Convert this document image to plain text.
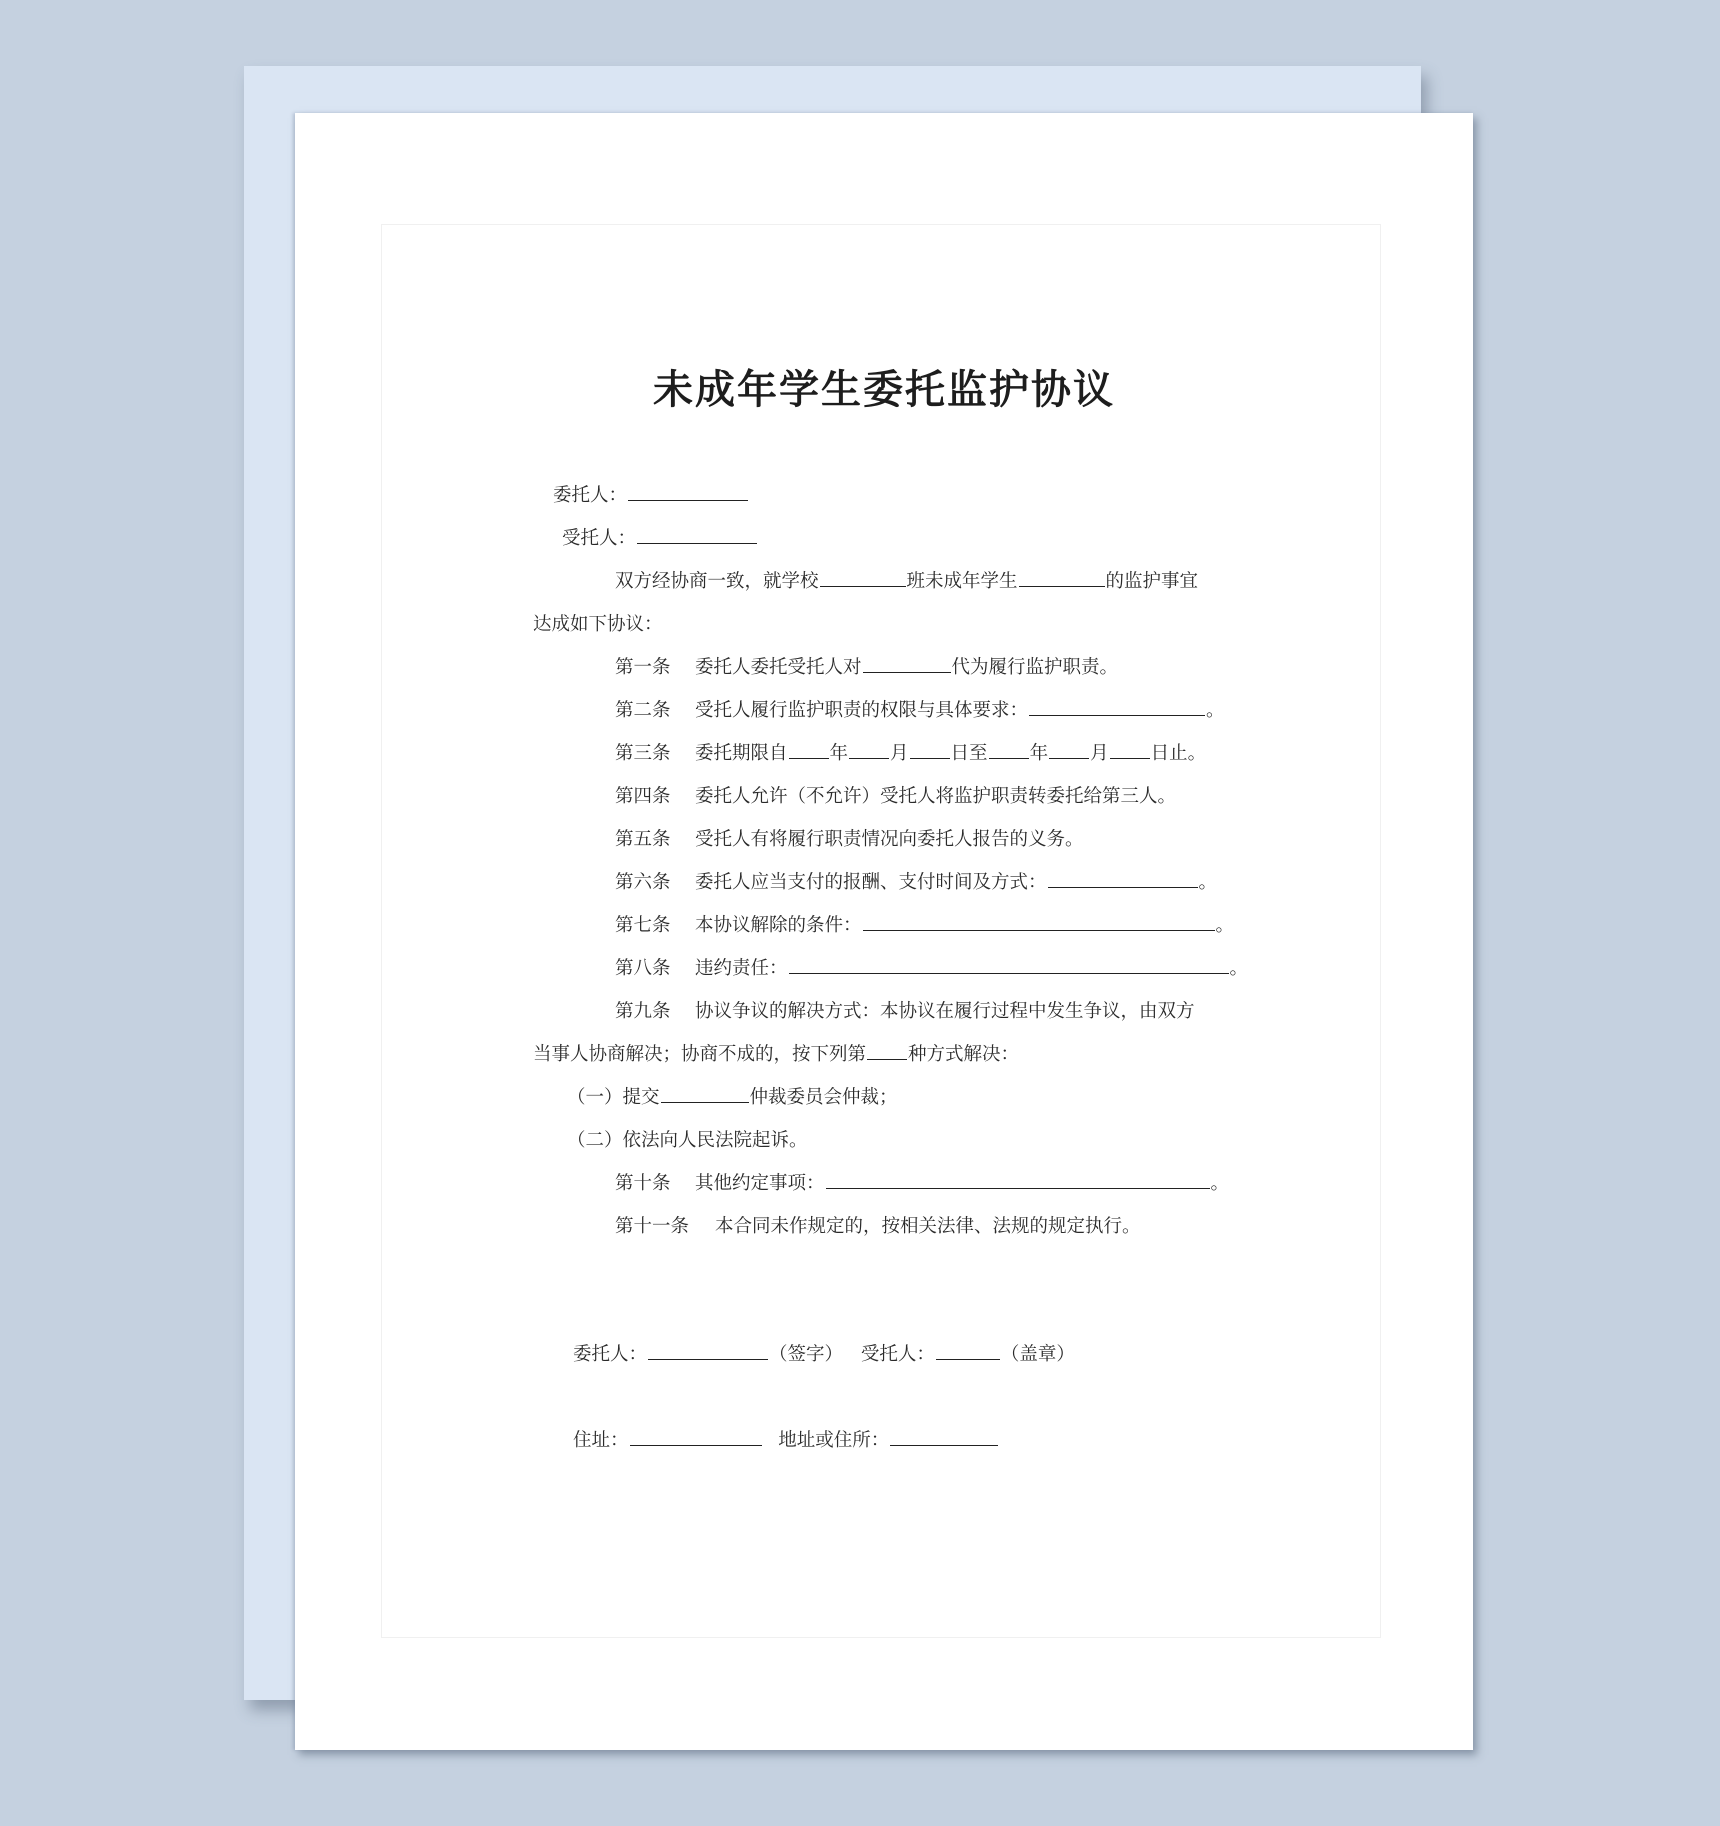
未成年学生委托监护协议
委托人：
受托人：
双方经协商一致，就学校	班未成年学生	的监护事宜
达成如下协议：
第一条 委托人委托受托人对	代为履行监护职责。
第二条 受托人履行监护职责的权限与具体要求：	。
第三条 委托期限自 年 月 日至 年 月 日止。
第四条 委托人允许（不允许）受托人将监护职责转委托给第三人。
第五条 受托人有将履行职责情况向委托人报告的义务。
第六条 委托人应当支付的报酬、支付时间及方式：	。
第七条 本协议解除的条件：	。
第八条 违约责任：	。
第九条 协议争议的解决方式：本协议在履行过程中发生争议，由双方
当事人协商解决；协商不成的，按下列第 种方式解决：
（一）提交	仲裁委员会仲裁；
（二）依法向人民法院起诉。
第十条 其他约定事项：	。
第十一条 本合同未作规定的，按相关法律、法规的规定执行。
委托人：	（签字） 受托人：	（盖章）
住址：	地址或住所：
